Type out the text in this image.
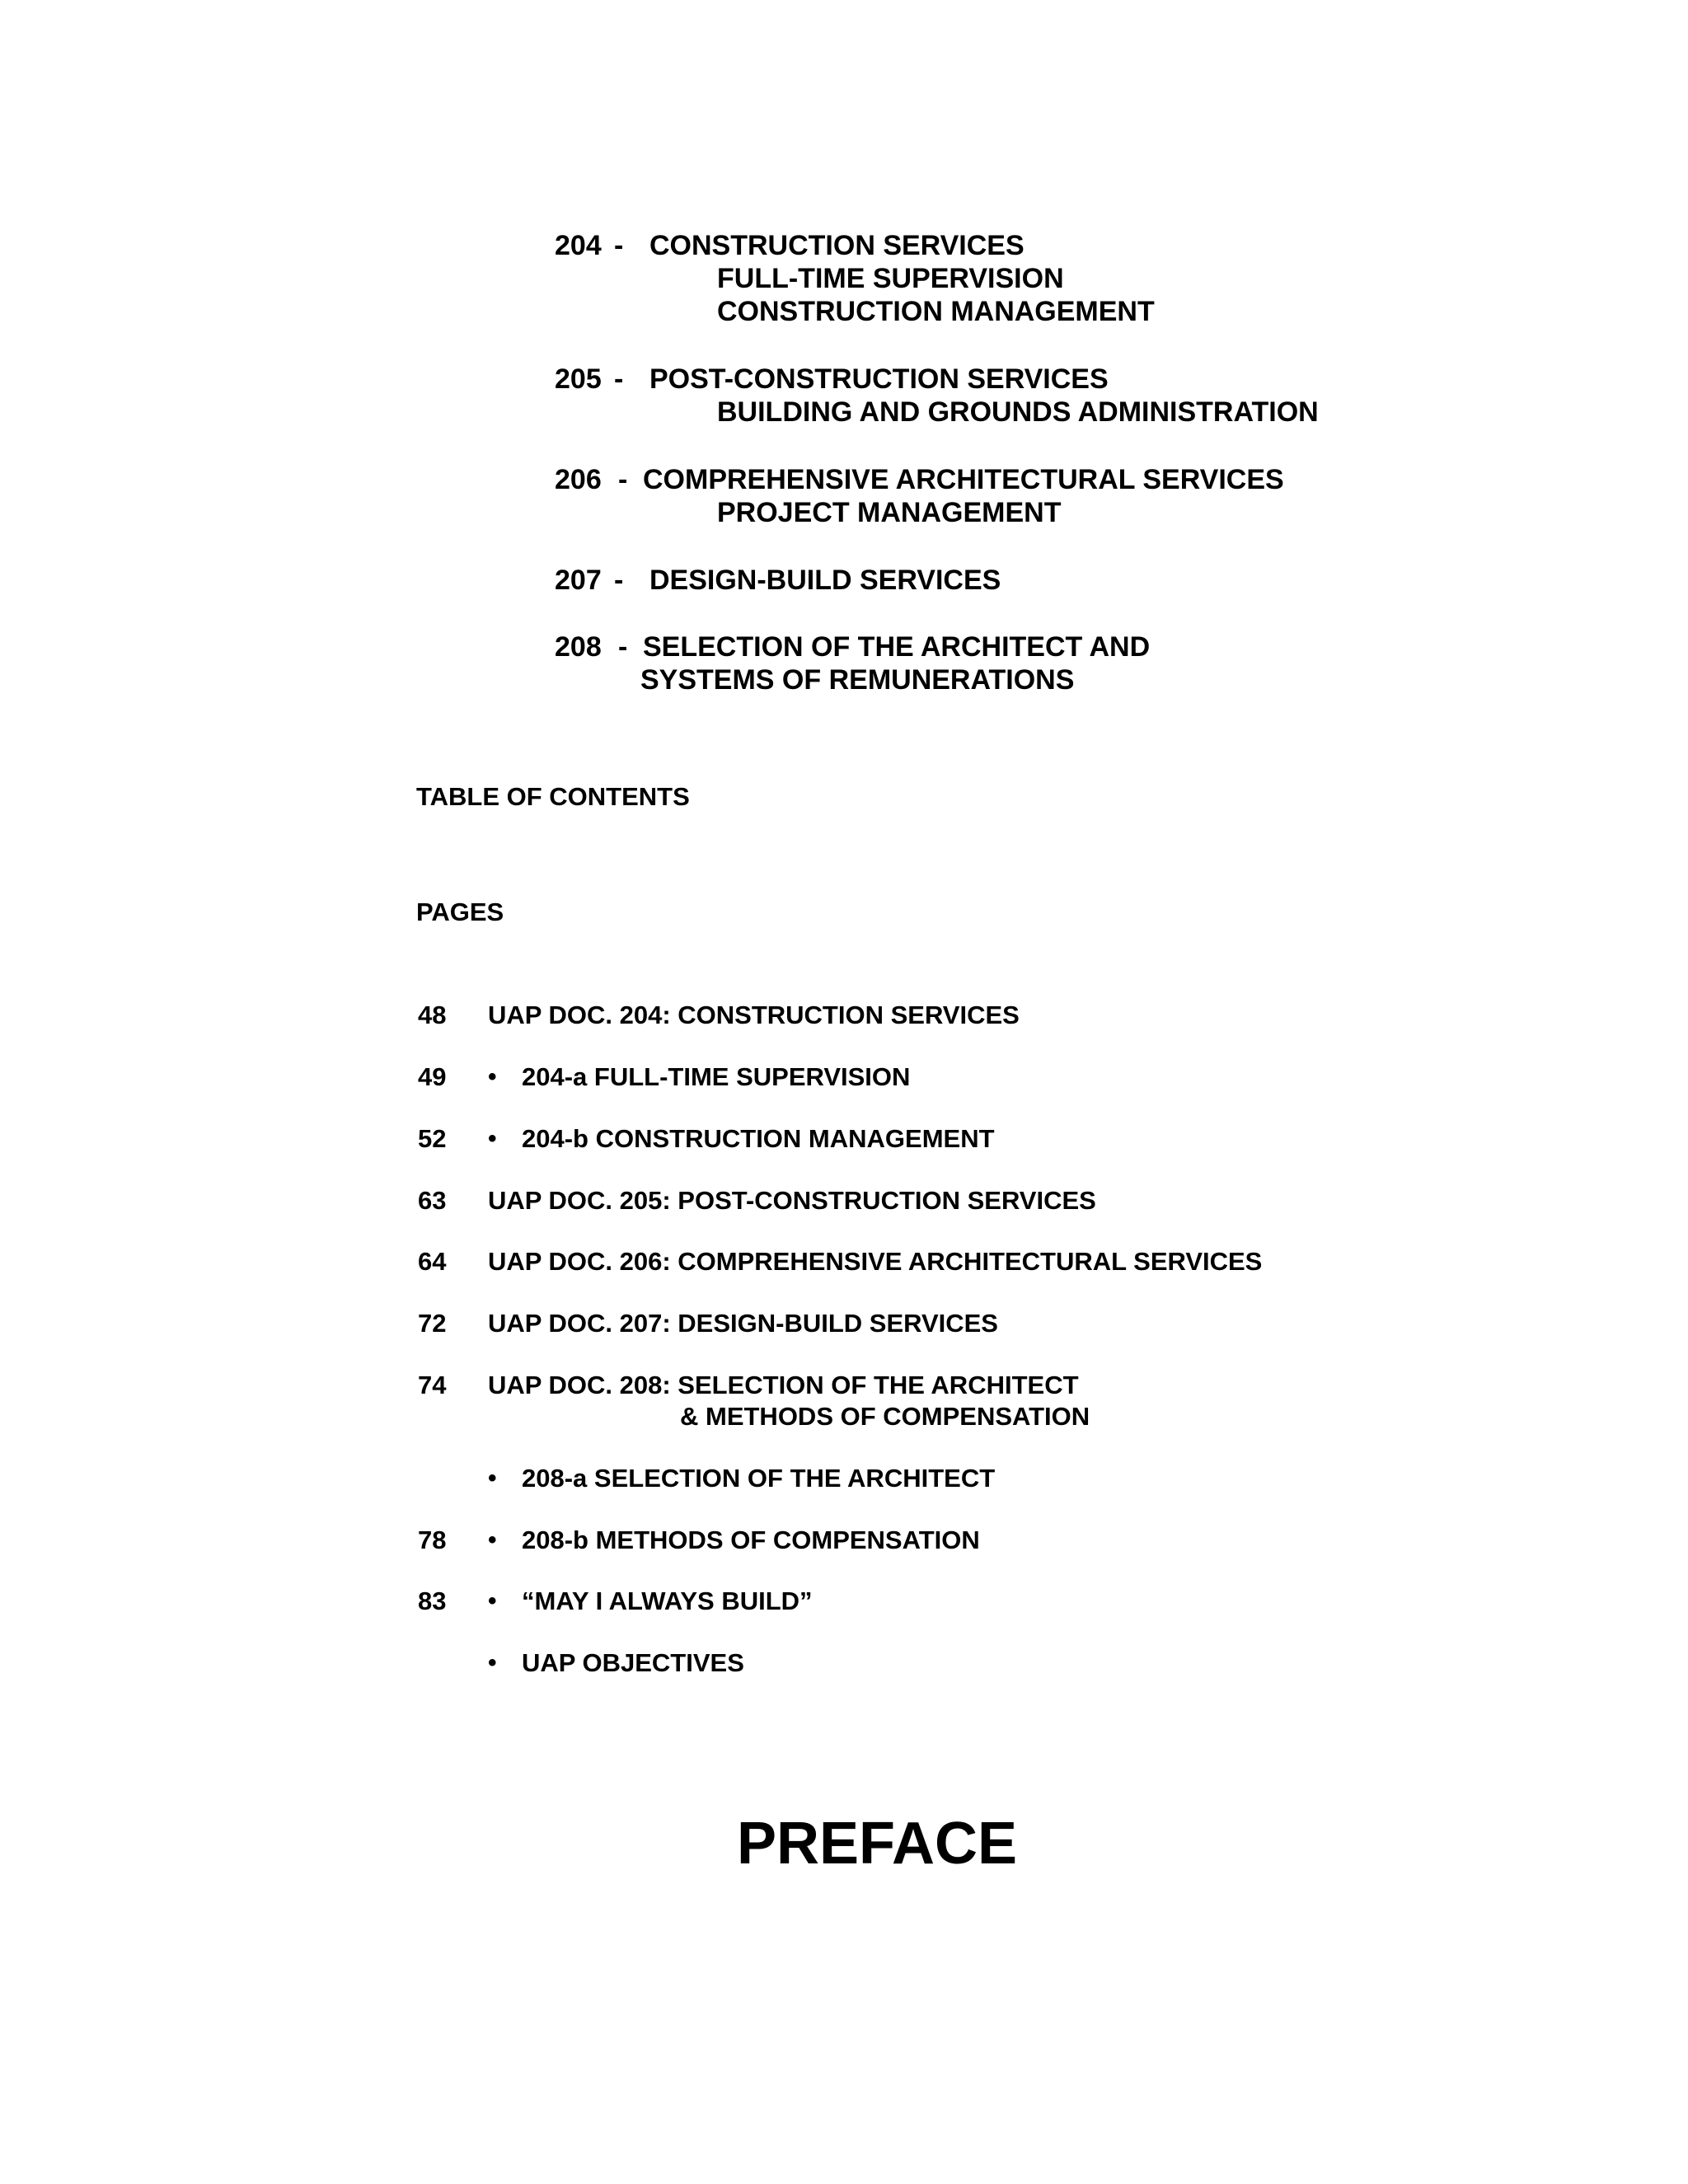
204 - CONSTRUCTION SERVICES
FULL-TIME SUPERVISION
CONSTRUCTION MANAGEMENT
205 - POST-CONSTRUCTION SERVICES
BUILDING AND GROUNDS ADMINISTRATION
206 - COMPREHENSIVE ARCHITECTURAL SERVICES
PROJECT MANAGEMENT
207 - DESIGN-BUILD SERVICES
208 - SELECTION OF THE ARCHITECT AND
SYSTEMS OF REMUNERATIONS
TABLE OF CONTENTS
PAGES
48 UAP DOC. 204: CONSTRUCTION SERVICES
49 • 204-a FULL-TIME SUPERVISION
52 • 204-b CONSTRUCTION MANAGEMENT
63 UAP DOC. 205: POST-CONSTRUCTION SERVICES
64 UAP DOC. 206: COMPREHENSIVE ARCHITECTURAL SERVICES
72 UAP DOC. 207: DESIGN-BUILD SERVICES
74 UAP DOC. 208: SELECTION OF THE ARCHITECT
& METHODS OF COMPENSATION
• 208-a SELECTION OF THE ARCHITECT
78 • 208-b METHODS OF COMPENSATION
83 • “MAY I ALWAYS BUILD”
• UAP OBJECTIVES
PREFACE
